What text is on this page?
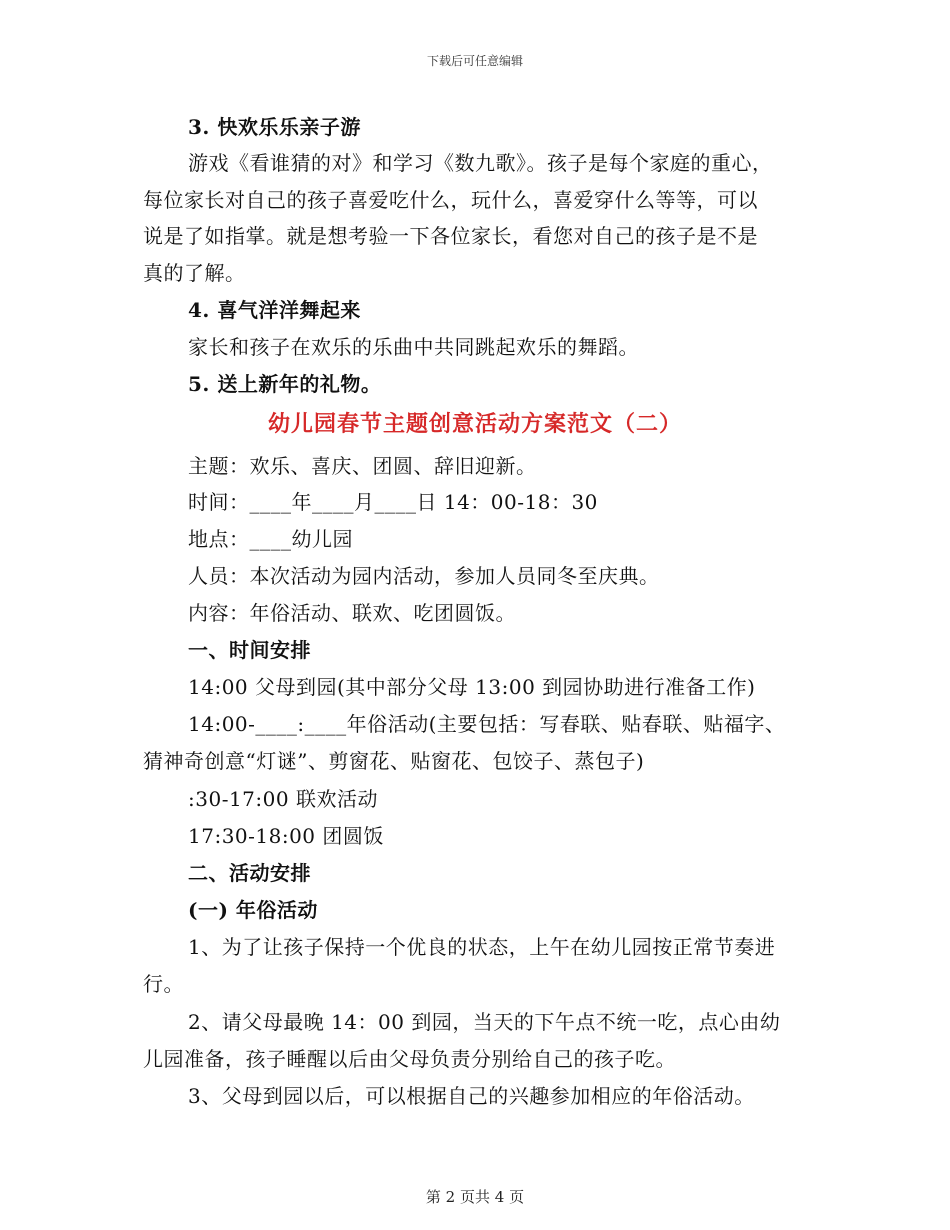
下载后可任意编辑
3. 快欢乐乐亲子游
游戏《看谁猜的对》和学习《数九歌》。孩子是每个家庭的重心，
每位家长对自己的孩子喜爱吃什么，玩什么，喜爱穿什么等等，可以
说是了如指掌。就是想考验一下各位家长，看您对自己的孩子是不是
真的了解。
4. 喜气洋洋舞起来
家长和孩子在欢乐的乐曲中共同跳起欢乐的舞蹈。
5. 送上新年的礼物。
幼儿园春节主题创意活动方案范文（二）
主题：欢乐、喜庆、团圆、辞旧迎新。
时间：____年____月____日 14：00-18：30
地点：____幼儿园
人员：本次活动为园内活动，参加人员同冬至庆典。
内容：年俗活动、联欢、吃团圆饭。
一、时间安排
14:00 父母到园(其中部分父母 13:00 到园协助进行准备工作)
14:00-____:____年俗活动(主要包括：写春联、贴春联、贴福字、
猜神奇创意“灯谜”、剪窗花、贴窗花、包饺子、蒸包子)
:30-17:00 联欢活动
17:30-18:00 团圆饭
二、活动安排
(一) 年俗活动
1、为了让孩子保持一个优良的状态，上午在幼儿园按正常节奏进
行。
2、请父母最晚 14：00 到园，当天的下午点不统一吃，点心由幼
儿园准备，孩子睡醒以后由父母负责分别给自己的孩子吃。
3、父母到园以后，可以根据自己的兴趣参加相应的年俗活动。
第 2 页共 4 页
